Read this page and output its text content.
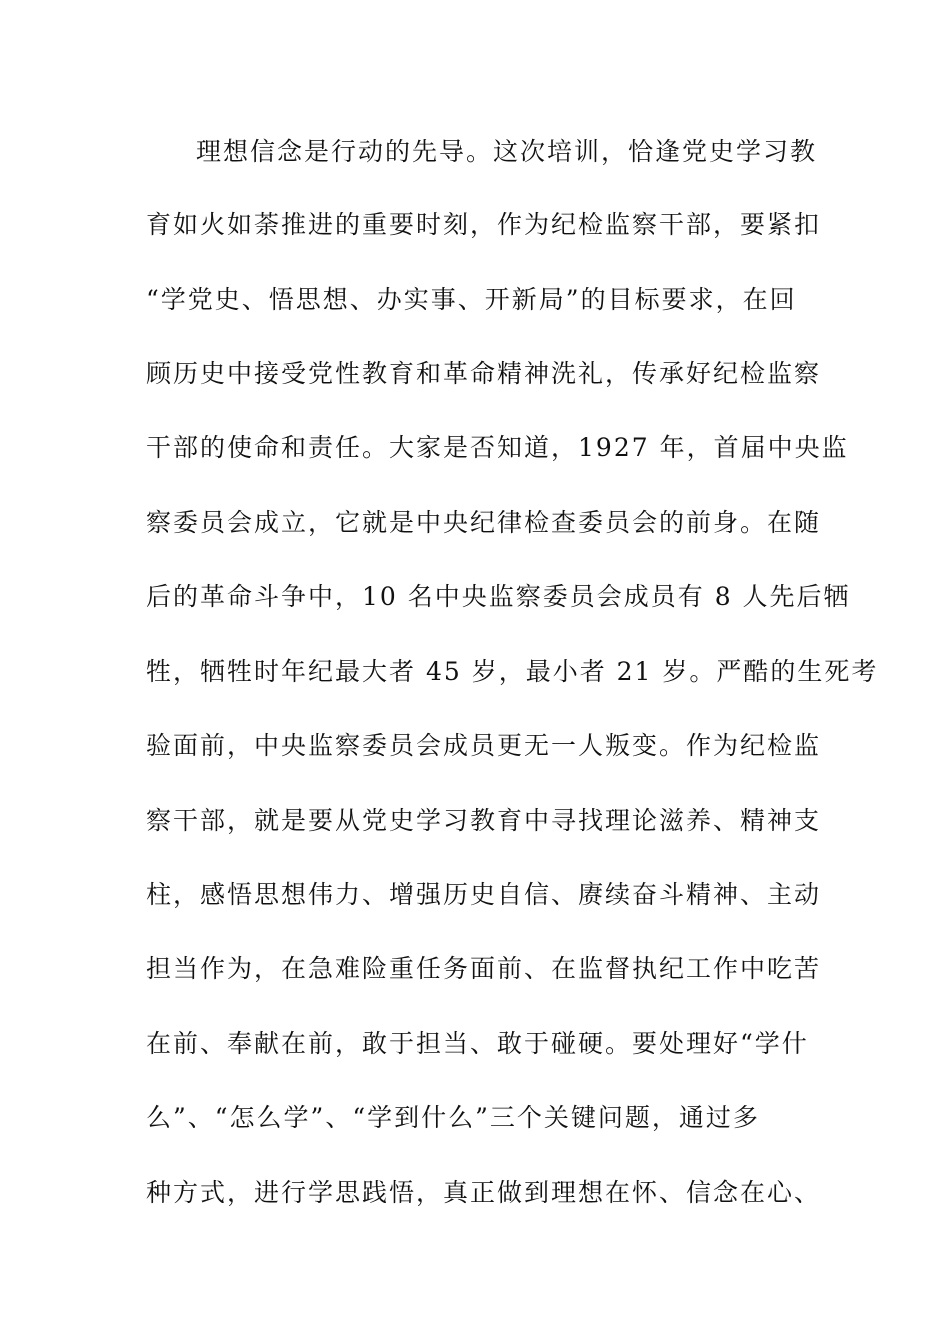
理想信念是行动的先导。这次培训，恰逢党史学习教
育如火如荼推进的重要时刻，作为纪检监察干部，要紧扣
“学党史、悟思想、办实事、开新局”的目标要求，在回
顾历史中接受党性教育和革命精神洗礼，传承好纪检监察
干部的使命和责任。大家是否知道，1927 年，首届中央监
察委员会成立，它就是中央纪律检查委员会的前身。在随
后的革命斗争中，10 名中央监察委员会成员有 8 人先后牺
牲，牺牲时年纪最大者 45 岁，最小者 21 岁。严酷的生死考
验面前，中央监察委员会成员更无一人叛变。作为纪检监
察干部，就是要从党史学习教育中寻找理论滋养、精神支
柱，感悟思想伟力、增强历史自信、赓续奋斗精神、主动
担当作为，在急难险重任务面前、在监督执纪工作中吃苦
在前、奉献在前，敢于担当、敢于碰硬。要处理好“学什
么”、“怎么学”、“学到什么”三个关键问题，通过多
种方式，进行学思践悟，真正做到理想在怀、信念在心、
